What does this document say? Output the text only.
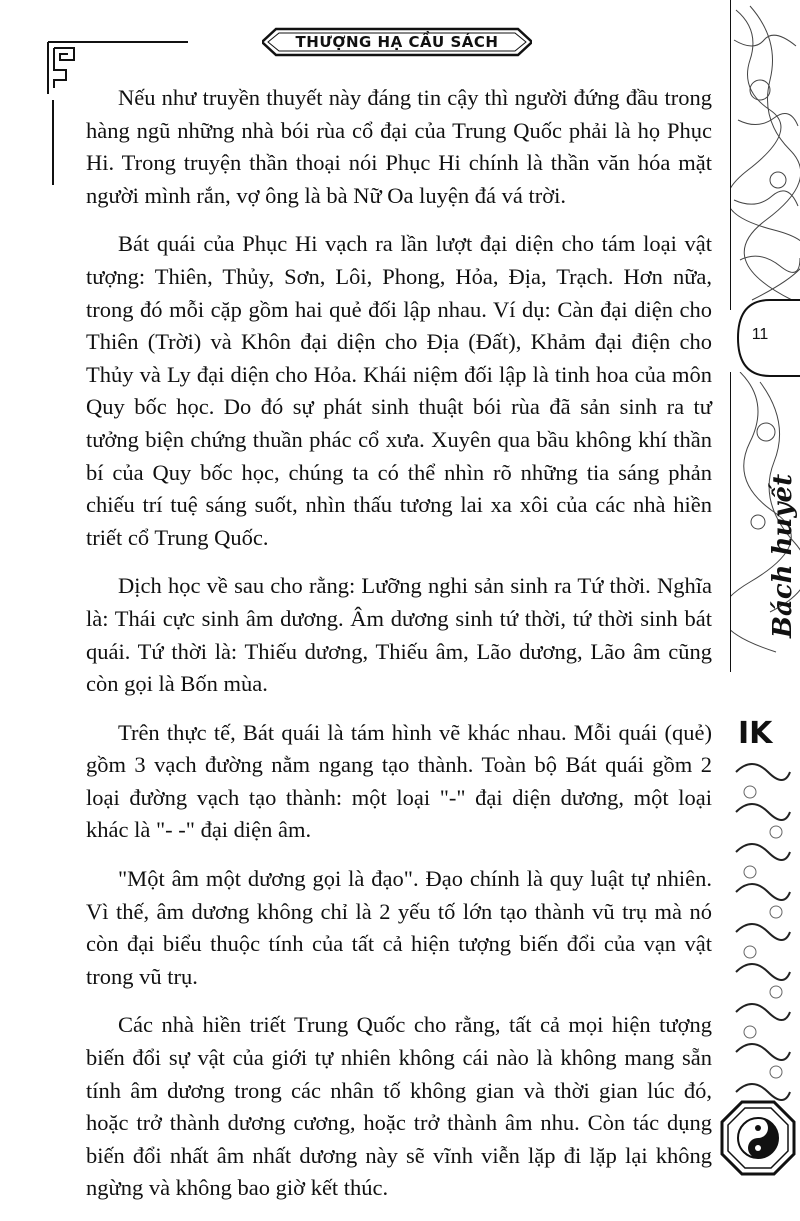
THƯỢNG HẠ CẦU SÁCH
11
Bách huyết
IK

Nếu như truyền thuyết này đáng tin cậy thì người đứng đầu trong hàng ngũ những nhà bói rùa cổ đại của Trung Quốc phải là họ Phục Hi. Trong truyện thần thoại nói Phục Hi chính là thần văn hóa mặt người mình rắn, vợ ông là bà Nữ Oa luyện đá vá trời.

Bát quái của Phục Hi vạch ra lần lượt đại diện cho tám loại vật tượng: Thiên, Thủy, Sơn, Lôi, Phong, Hỏa, Địa, Trạch. Hơn nữa, trong đó mỗi cặp gồm hai quẻ đối lập nhau. Ví dụ: Càn đại diện cho Thiên (Trời) và Khôn đại diện cho Địa (Đất), Khảm đại điện cho Thủy và Ly đại diện cho Hỏa. Khái niệm đối lập là tinh hoa của môn Quy bốc học. Do đó sự phát sinh thuật bói rùa đã sản sinh ra tư tưởng biện chứng thuần phác cổ xưa. Xuyên qua bầu không khí thần bí của Quy bốc học, chúng ta có thể nhìn rõ những tia sáng phản chiếu trí tuệ sáng suốt, nhìn thấu tương lai xa xôi của các nhà hiền triết cổ Trung Quốc.

Dịch học về sau cho rằng: Lưỡng nghi sản sinh ra Tứ thời. Nghĩa là: Thái cực sinh âm dương. Âm dương sinh tứ thời, tứ thời sinh bát quái. Tứ thời là: Thiếu dương, Thiếu âm, Lão dương, Lão âm cũng còn gọi là Bốn mùa.

Trên thực tế, Bát quái là tám hình vẽ khác nhau. Mỗi quái (quẻ) gồm 3 vạch đường nằm ngang tạo thành. Toàn bộ Bát quái gồm 2 loại đường vạch tạo thành: một loại "-" đại diện dương, một loại khác là "- -" đại diện âm.

"Một âm một dương gọi là đạo". Đạo chính là quy luật tự nhiên. Vì thế, âm dương không chỉ là 2 yếu tố lớn tạo thành vũ trụ mà nó còn đại biểu thuộc tính của tất cả hiện tượng biến đổi của vạn vật trong vũ trụ.

Các nhà hiền triết Trung Quốc cho rằng, tất cả mọi hiện tượng biến đổi sự vật của giới tự nhiên không cái nào là không mang sẵn tính âm dương trong các nhân tố không gian và thời gian lúc đó, hoặc trở thành dương cương, hoặc trở thành âm nhu. Còn tác dụng biến đổi nhất âm nhất dương này sẽ vĩnh viễn lặp đi lặp lại không ngừng và không bao giờ kết thúc.
